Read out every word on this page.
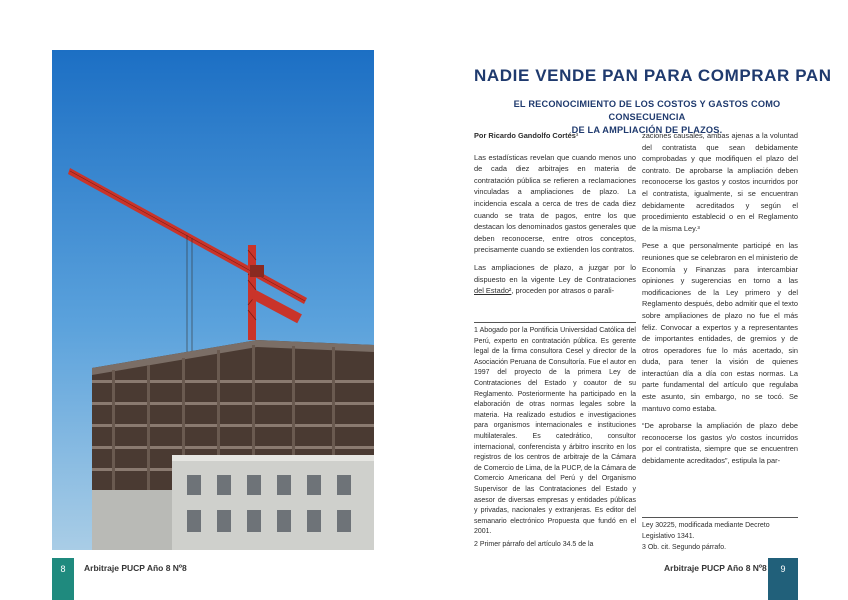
8	Arbitraje PUCP Año 8 Nº8
NADIE VENDE PAN PARA COMPRAR PAN
EL RECONOCIMIENTO DE LOS COSTOS Y GASTOS COMO CONSECUENCIA
DE LA AMPLIACIÓN DE PLAZOS.

Por Ricardo Gandolfo Cortés¹

Las estadísticas revelan que cuando menos uno de cada diez arbitrajes en materia de contratación pública se refieren a reclamaciones vinculadas a ampliaciones de plazo. La incidencia escala a cerca de tres de cada diez cuando se trata de pagos, entre los que destacan los denominados gastos generales que deben reconocerse, entre otros conceptos, precisamente cuando se extienden los contratos.

Las ampliaciones de plazo, a juzgar por lo dispuesto en la vigente Ley de Contrataciones del Estado², proceden por atrasos o parali-

1 Abogado por la Pontificia Universidad Católica del Perú, experto en contratación pública. Es gerente legal de la firma consultora Cesel y director de la Asociación Peruana de Consultoría. Fue el autor en 1997 del proyecto de la primera Ley de Contrataciones del Estado y coautor de su Reglamento. Posteriormente ha participado en la elaboración de otras normas legales sobre la materia. Ha realizado estudios e investigaciones para organismos internacionales e instituciones multilaterales. Es catedrático, consultor internacional, conferencista y árbitro inscrito en los registros de los centros de arbitraje de la Cámara de Comercio de Lima, de la PUCP, de la Cámara de Comercio Americana del Perú y del Organismo Supervisor de las Contrataciones del Estado y asesor de diversas empresas y entidades públicas y privadas, nacionales y extranjeras. Es editor del semanario electrónico Propuesta que fundó en el 2001.

2 Primer párrafo del artículo 34.5 de la

zaciones causales, ambas ajenas a la voluntad del contratista que sean debidamente comprobadas y que modifiquen el plazo del contrato. De aprobarse la ampliación deben reconocerse los gastos y costos incurridos por el contratista, igualmente, si se encuentran debidamente acreditados y según el procedimiento establecid o en el Reglamento de la misma Ley.³

Pese a que personalmente participé en las reuniones que se celebraron en el ministerio de Economía y Finanzas para intercambiar opiniones y sugerencias en torno a las modificaciones de la Ley primero y del Reglamento después, debo admitir que el texto sobre ampliaciones de plazo no fue el más feliz. Convocar a expertos y a representantes de importantes entidades, de gremios y de otros operadores fue lo más acertado, sin duda, para tener la visión de quienes interactúan día a día con estas normas. La parte fundamental del artículo que regulaba este asunto, sin embargo, no se tocó. Se mantuvo como estaba.

“De aprobarse la ampliación de plazo debe reconocerse los gastos y/o costos incurridos por el contratista, siempre que se encuentren debidamente acreditados”, estipula la par-

Ley 30225, modificada mediante Decreto Legislativo 1341.

3 Ob. cit. Segundo párrafo.

Arbitraje PUCP Año 8 Nº8	9
